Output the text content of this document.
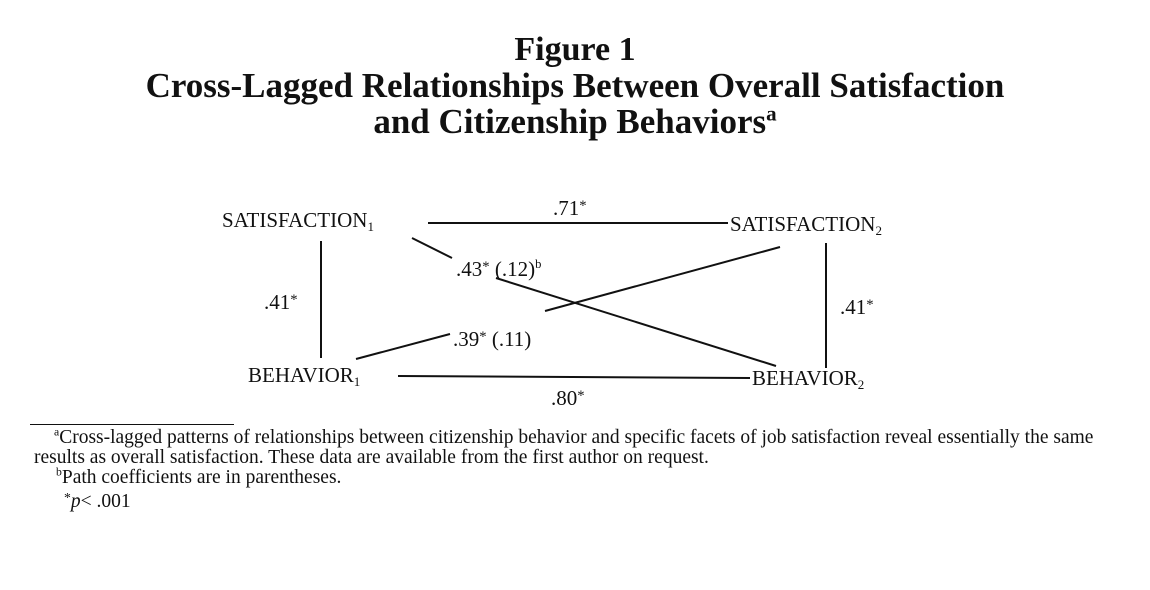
Figure 1
Cross-Lagged Relationships Between Overall Satisfaction
and Citizenship Behaviors$^a$
$SATISFACTION_1$	$SATISFACTION_2$
$BEHAVIOR_1$	$BEHAVIOR_2$
.71*
.80*
.41*	.41*
.43* $(.12)^b$
.39* (.11)

$^a$Cross-lagged patterns of relationships between citizenship behavior and specific facets of job satisfaction reveal essentially the same results as overall satisfaction. These data are available from the first author on request.

$^b$Path coefficients are in parentheses.

*p< .001
